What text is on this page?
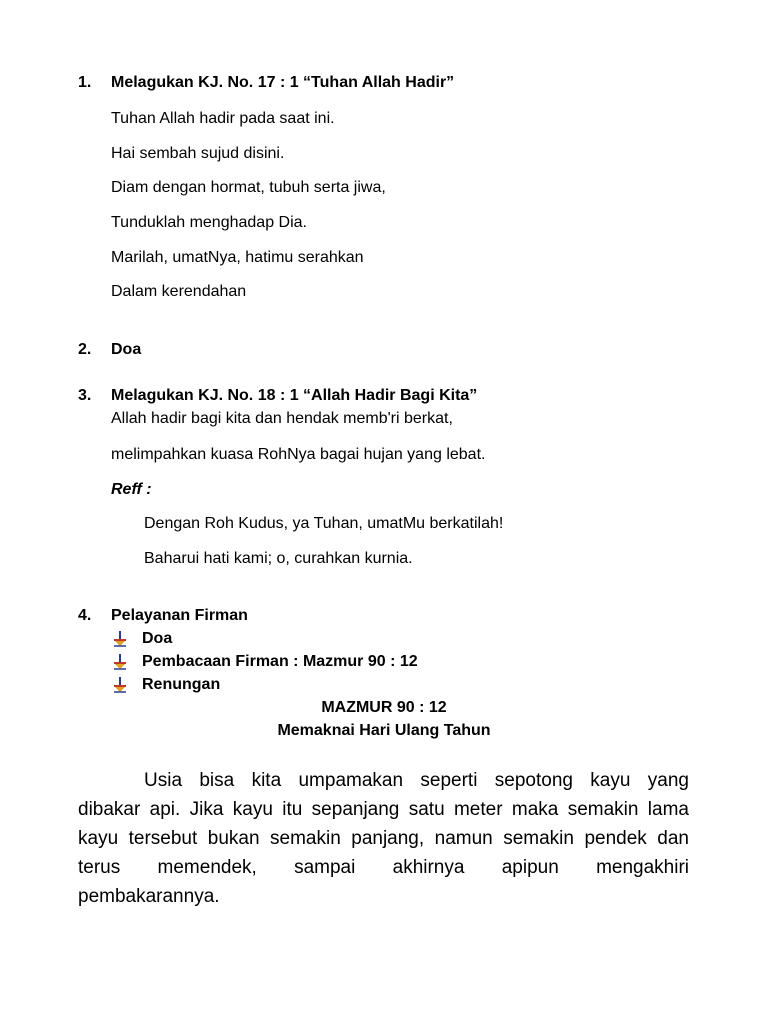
1. Melagukan KJ. No. 17 : 1 “Tuhan Allah Hadir”
Tuhan Allah hadir pada saat ini.
Hai sembah sujud disini.
Diam dengan hormat, tubuh serta jiwa,
Tunduklah menghadap Dia.
Marilah, umatNya, hatimu serahkan
Dalam kerendahan
2. Doa
3. Melagukan KJ. No. 18 : 1 “Allah Hadir Bagi Kita”
Allah hadir bagi kita dan hendak memb'ri berkat,
melimpahkan kuasa RohNya bagai hujan yang lebat.
Reff :
Dengan Roh Kudus, ya Tuhan, umatMu berkatilah!
Baharui hati kami; o, curahkan kurnia.
4. Pelayanan Firman
Doa
Pembacaan Firman : Mazmur 90 : 12
Renungan
MAZMUR 90 : 12
Memaknai Hari Ulang Tahun
Usia bisa kita umpamakan seperti sepotong kayu yang
dibakar api. Jika kayu itu sepanjang satu meter maka semakin lama
kayu tersebut bukan semakin panjang, namun semakin pendek dan
terus memendek, sampai akhirnya apipun mengakhiri
pembakarannya.
